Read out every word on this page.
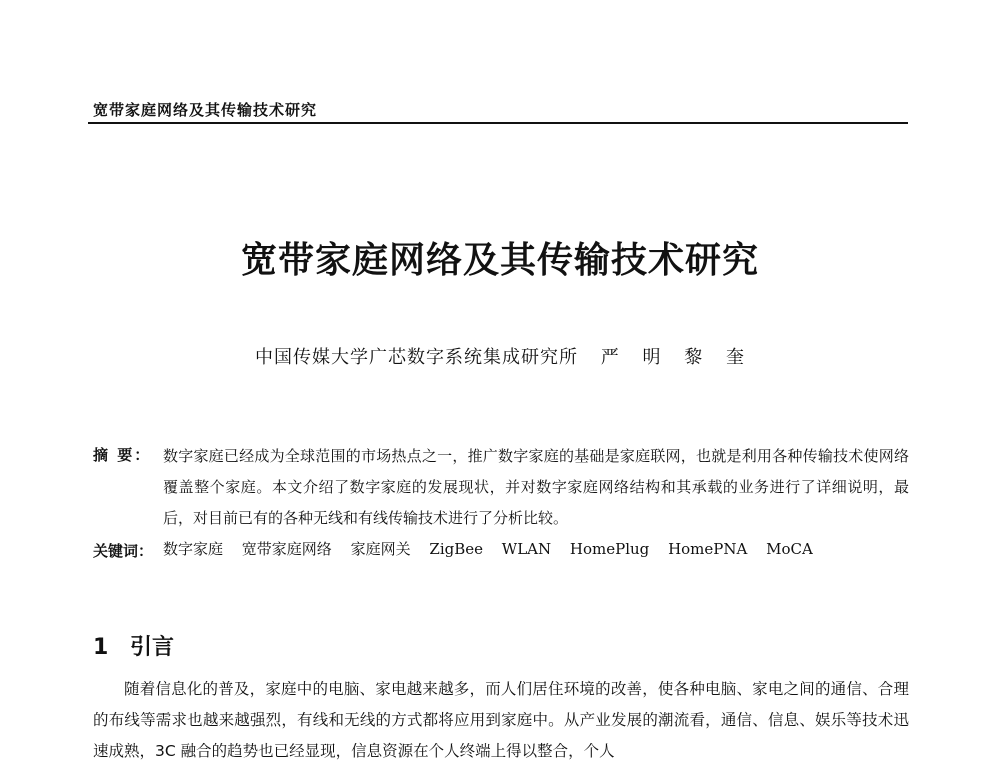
宽带家庭网络及其传输技术研究
宽带家庭网络及其传输技术研究
中国传媒大学广芯数字系统集成研究所 严 明 黎 奎
摘 要： 数字家庭已经成为全球范围的市场热点之一，推广数字家庭的基础是家庭联网，也就是利用各种传输技术使网络覆盖整个家庭。本文介绍了数字家庭的发展现状，并对数字家庭网络结构和其承载的业务进行了详细说明，最后，对目前已有的各种无线和有线传输技术进行了分析比较。
关键词： 数字家庭 宽带家庭网络 家庭网关 ZigBee WLAN HomePlug HomePNA MoCA
1 引言
随着信息化的普及，家庭中的电脑、家电越来越多，而人们居住环境的改善，使各种电脑、家电之间的通信、合理的布线等需求也越来越强烈，有线和无线的方式都将应用到家庭中。从产业发展的潮流看，通信、信息、娱乐等技术迅速成熟，3C 融合的趋势也已经显现，信息资源在个人终端上得以整合，个人
